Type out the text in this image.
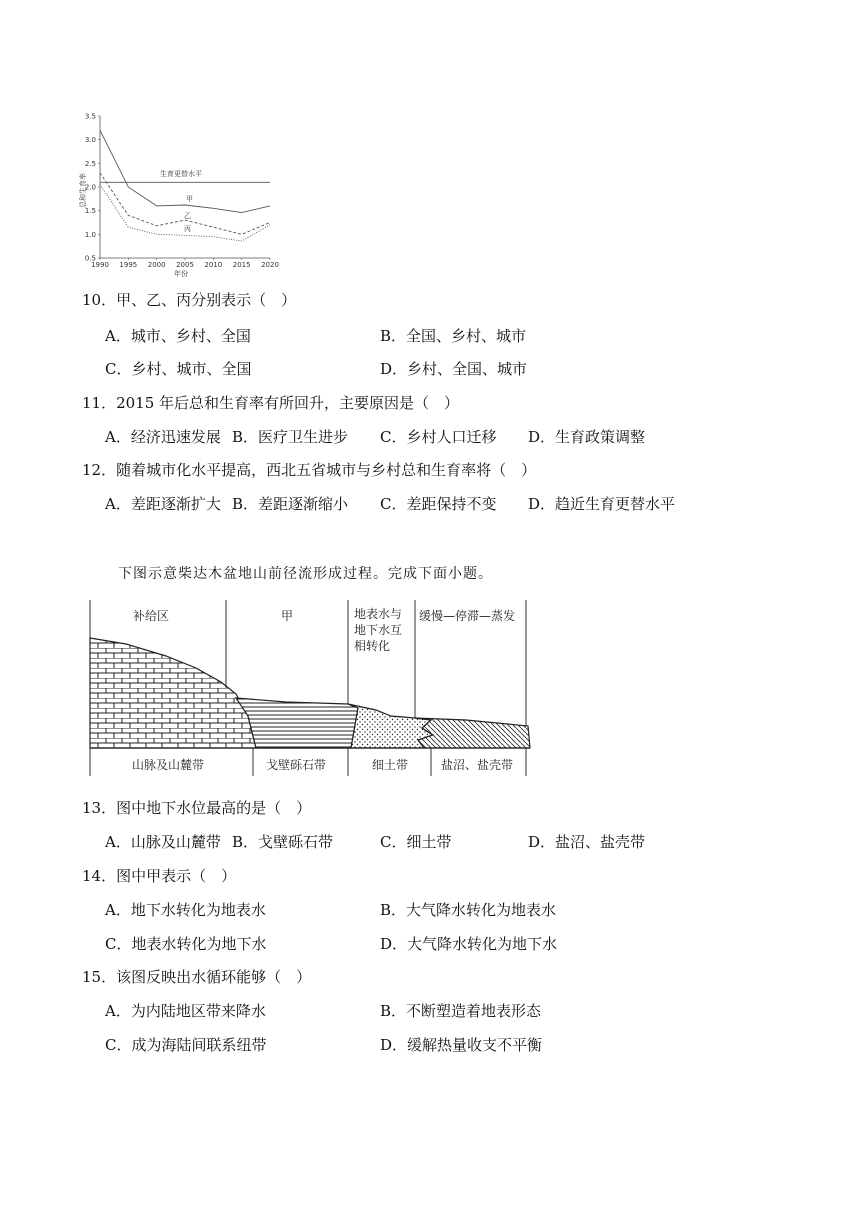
0.5
1.0
1.5
2.0
2.5
3.0
3.5
1990 1995 2000 2005 2010 2015 2020
生育更替水平
甲
乙
丙
总和生育率
年份
10．甲、乙、丙分别表示（　）
A．城市、乡村、全国	B．全国、乡村、城市
C．乡村、城市、全国	D．乡村、全国、城市
11．2015 年后总和生育率有所回升，主要原因是（　）
A．经济迅速发展 B．医疗卫生进步 C．乡村人口迁移 D．生育政策调整
12．随着城市化水平提高，西北五省城市与乡村总和生育率将（　）
A．差距逐渐扩大 B．差距逐渐缩小 C．差距保持不变 D．趋近生育更替水平
下图示意柴达木盆地山前径流形成过程。完成下面小题。
补给区	甲	地表水与
地下水互
相转化
缓慢—停滞—蒸发
山脉及山麓带	戈壁砾石带	细土带	盐沼、盐壳带
13．图中地下水位最高的是（　）
A．山脉及山麓带 B．戈壁砾石带	C．细土带	D．盐沼、盐壳带
14．图中甲表示（　）
A．地下水转化为地表水	B．大气降水转化为地表水
C．地表水转化为地下水	D．大气降水转化为地下水
15．该图反映出水循环能够（　）
A．为内陆地区带来降水	B．不断塑造着地表形态
C．成为海陆间联系纽带	D．缓解热量收支不平衡
